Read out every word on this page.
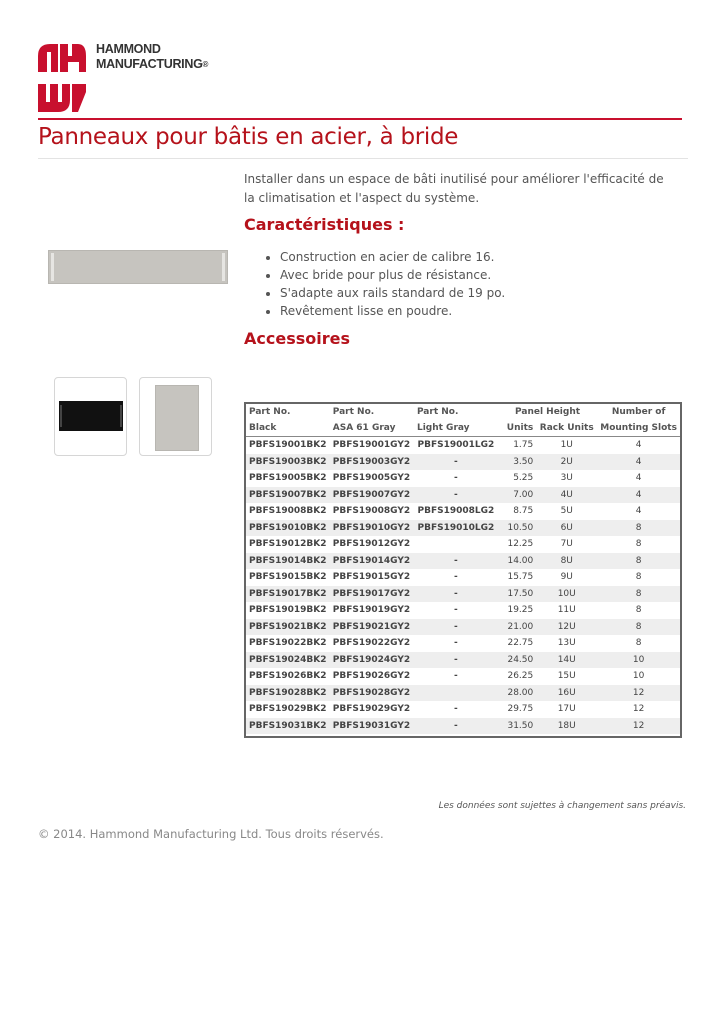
HAMMOND
MANUFACTURING®
Panneaux pour bâtis en acier, à bride
Installer dans un espace de bâti inutilisé pour améliorer l'efficacité de la climatisation et l'aspect du système.
Caractéristiques :
• Construction en acier de calibre 16.
• Avec bride pour plus de résistance.
• S'adapte aux rails standard de 19 po.
• Revêtement lisse en poudre.
Accessoires
Part No.	Part No.	Part No.	Panel Height		Number of
Black	ASA 61 Gray	Light Gray	Units	Rack Units	Mounting Slots
PBFS19001BK2	PBFS19001GY2	PBFS19001LG2	1.75	1U	4
PBFS19003BK2	PBFS19003GY2	-	3.50	2U	4
PBFS19005BK2	PBFS19005GY2	-	5.25	3U	4
PBFS19007BK2	PBFS19007GY2	-	7.00	4U	4
PBFS19008BK2	PBFS19008GY2	PBFS19008LG2	8.75	5U	4
PBFS19010BK2	PBFS19010GY2	PBFS19010LG2	10.50	6U	8
PBFS19012BK2	PBFS19012GY2		12.25	7U	8
PBFS19014BK2	PBFS19014GY2	-	14.00	8U	8
PBFS19015BK2	PBFS19015GY2	-	15.75	9U	8
PBFS19017BK2	PBFS19017GY2	-	17.50	10U	8
PBFS19019BK2	PBFS19019GY2	-	19.25	11U	8
PBFS19021BK2	PBFS19021GY2	-	21.00	12U	8
PBFS19022BK2	PBFS19022GY2	-	22.75	13U	8
PBFS19024BK2	PBFS19024GY2	-	24.50	14U	10
PBFS19026BK2	PBFS19026GY2	-	26.25	15U	10
PBFS19028BK2	PBFS19028GY2		28.00	16U	12
PBFS19029BK2	PBFS19029GY2	-	29.75	17U	12
PBFS19031BK2	PBFS19031GY2	-	31.50	18U	12
Les données sont sujettes à changement sans préavis.
© 2014. Hammond Manufacturing Ltd. Tous droits réservés.
